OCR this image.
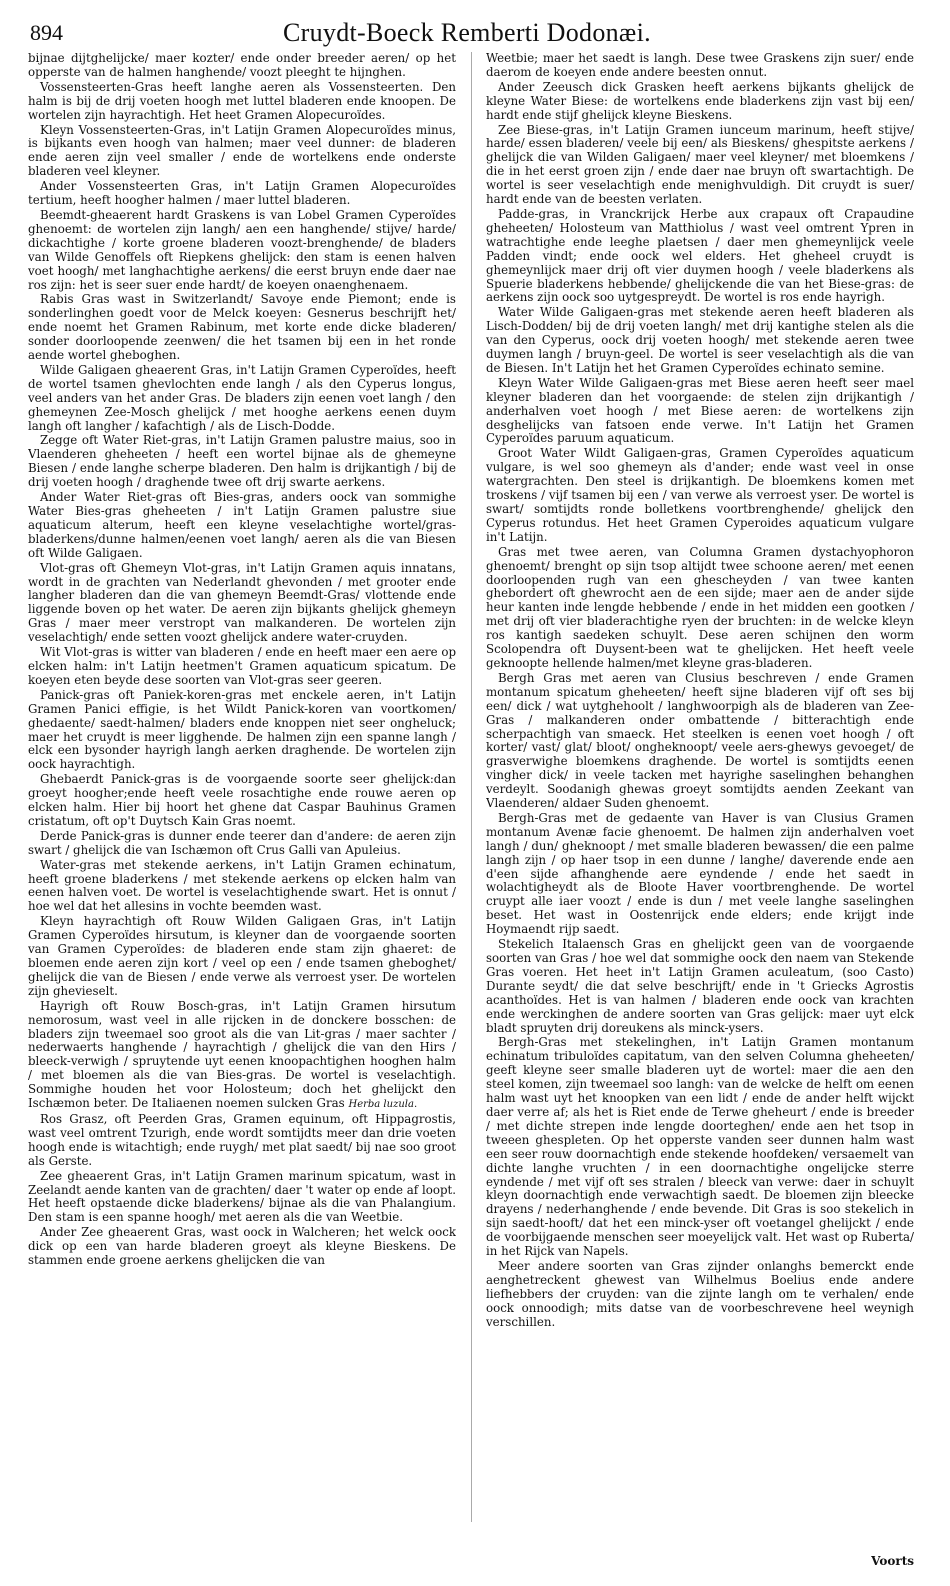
894	Cruydt-Boeck Remberti Dodonæi.

bijnae dijtghelijcke/ maer kozter/ ende onder breeder aeren/ op het opperste van de halmen hanghende/ voozt pleeght te hijnghen.

Vossensteerten-Gras heeft langhe aeren als Vossensteerten. Den halm is bij de drij voeten hoogh met luttel bladeren ende knoopen. De wortelen zijn hayrachtigh. Het heet Gramen Alopecuroïdes.

Kleyn Vossensteerten-Gras, in't Latijn Gramen Alopecuroïdes minus, is bijkants even hoogh van halmen; maer veel dunner: de bladeren ende aeren zijn veel smaller / ende de wortelkens ende onderste bladeren veel kleyner.

Ander Vossensteerten Gras, in't Latijn Gramen Alopecuroïdes tertium, heeft hoogher halmen / maer luttel bladeren.

Beemdt-gheaerent hardt Graskens is van Lobel Gramen Cyperoïdes ghenoemt: de wortelen zijn langh/ aen een hanghende/ stijve/ harde/ dickachtighe / korte groene bladeren voozt-brenghende/ de bladers van Wilde Genoffels oft Riepkens ghelijck: den stam is eenen halven voet hoogh/ met langhachtighe aerkens/ die eerst bruyn ende daer nae ros zijn: het is seer suer ende hardt/ de koeyen onaenghenaem.

Rabis Gras wast in Switzerlandt/ Savoye ende Piemont; ende is sonderlinghen goedt voor de Melck koeyen: Gesnerus beschrijft het/ ende noemt het Gramen Rabinum, met korte ende dicke bladeren/ sonder doorloopende zeenwen/ die het tsamen bij een in het ronde aende wortel gheboghen.

Wilde Galigaen gheaerent Gras, in't Latijn Gramen Cyperoïdes, heeft de wortel tsamen ghevlochten ende langh / als den Cyperus longus, veel anders van het ander Gras. De bladers zijn eenen voet langh / den ghemeynen Zee-Mosch ghelijck / met hooghe aerkens eenen duym langh oft langher / kafachtigh / als de Lisch-Dodde.

Zegge oft Water Riet-gras, in't Latijn Gramen palustre maius, soo in Vlaenderen gheheeten / heeft een wortel bijnae als de ghemeyne Biesen / ende langhe scherpe bladeren. Den halm is drijkantigh / bij de drij voeten hoogh / draghende twee oft drij swarte aerkens.

Ander Water Riet-gras oft Bies-gras, anders oock van sommighe Water Bies-gras gheheeten / in't Latijn Gramen palustre siue aquaticum alterum, heeft een kleyne veselachtighe wortel/gras-bladerkens/dunne halmen/eenen voet langh/ aeren als die van Biesen oft Wilde Galigaen.

Vlot-gras oft Ghemeyn Vlot-gras, in't Latijn Gramen aquis innatans, wordt in de grachten van Nederlandt ghevonden / met grooter ende langher bladeren dan die van ghemeyn Beemdt-Gras/ vlottende ende liggende boven op het water. De aeren zijn bijkants ghelijck ghemeyn Gras / maer meer verstropt van malkanderen. De wortelen zijn veselachtigh/ ende setten voozt ghelijck andere water-cruyden.

Wit Vlot-gras is witter van bladeren / ende en heeft maer een aere op elcken halm: in't Latijn heetmen't Gramen aquaticum spicatum. De koeyen eten beyde dese soorten van Vlot-gras seer geeren.

Panick-gras oft Paniek-koren-gras met enckele aeren, in't Latijn Gramen Panici effigie, is het Wildt Panick-koren van voortkomen/ ghedaente/ saedt-halmen/ bladers ende knoppen niet seer ongheluck; maer het cruydt is meer ligghende. De halmen zijn een spanne langh / elck een bysonder hayrigh langh aerken draghende. De wortelen zijn oock hayrachtigh.

Ghebaerdt Panick-gras is de voorgaende soorte seer ghelijck:dan groeyt hoogher;ende heeft veele rosachtighe ende rouwe aeren op elcken halm. Hier bij hoort het ghene dat Caspar Bauhinus Gramen cristatum, oft op't Duytsch Kain Gras noemt.

Derde Panick-gras is dunner ende teerer dan d'andere: de aeren zijn swart / ghelijck die van Ischæmon oft Crus Galli van Apuleius.

Water-gras met stekende aerkens, in't Latijn Gramen echinatum, heeft groene bladerkens / met stekende aerkens op elcken halm van eenen halven voet. De wortel is veselachtighende swart. Het is onnut / hoe wel dat het allesins in vochte beemden wast.

Kleyn hayrachtigh oft Rouw Wilden Galigaen Gras, in't Latijn Gramen Cyperoïdes hirsutum, is kleyner dan de voorgaende soorten van Gramen Cyperoïdes: de bladeren ende stam zijn ghaeret: de bloemen ende aeren zijn kort / veel op een / ende tsamen gheboghet/ ghelijck die van de Biesen / ende verwe als verroest yser. De wortelen zijn ghevieselt.

Hayrigh oft Rouw Bosch-gras, in't Latijn Gramen hirsutum nemorosum, wast veel in alle rijcken in de donckere bosschen: de bladers zijn tweemael soo groot als die van Lit-gras / maer sachter / nederwaerts hanghende / hayrachtigh / ghelijck die van den Hirs / bleeck-verwigh / spruytende uyt eenen knoopachtighen hooghen halm / met bloemen als die van Bies-gras. De wortel is veselachtigh. Sommighe houden het voor Holosteum; doch het ghelijckt den Ischæmon beter. De Italiaenen noemen sulcken Gras Herba luzula.

Ros Grasz, oft Peerden Gras, Gramen equinum, oft Hippagrostis, wast veel omtrent Tzurigh, ende wordt somtijdts meer dan drie voeten hoogh ende is witachtigh; ende ruygh/ met plat saedt/ bij nae soo groot als Gerste.

Zee gheaerent Gras, in't Latijn Gramen marinum spicatum, wast in Zeelandt aende kanten van de grachten/ daer 't water op ende af loopt. Het heeft opstaende dicke bladerkens/ bijnae als die van Phalangium. Den stam is een spanne hoogh/ met aeren als die van Weetbie.

Ander Zee gheaerent Gras, wast oock in Walcheren; het welck oock dick op een van harde bladeren groeyt als kleyne Bieskens. De stammen ende groene aerkens ghelijcken die van

Weetbie; maer het saedt is langh. Dese twee Graskens zijn suer/ ende daerom de koeyen ende andere beesten onnut.

Ander Zeeusch dick Grasken heeft aerkens bijkants ghelijck de kleyne Water Biese: de wortelkens ende bladerkens zijn vast bij een/ hardt ende stijf ghelijck kleyne Bieskens.

Zee Biese-gras, in't Latijn Gramen iunceum marinum, heeft stijve/ harde/ essen bladeren/ veele bij een/ als Bieskens/ ghespitste aerkens / ghelijck die van Wilden Galigaen/ maer veel kleyner/ met bloemkens / die in het eerst groen zijn / ende daer nae bruyn oft swartachtigh. De wortel is seer veselachtigh ende menighvuldigh. Dit cruydt is suer/ hardt ende van de beesten verlaten.

Padde-gras, in Vranckrijck Herbe aux crapaux oft Crapaudine gheheeten/ Holosteum van Matthiolus / wast veel omtrent Ypren in watrachtighe ende leeghe plaetsen / daer men ghemeynlijck veele Padden vindt; ende oock wel elders. Het gheheel cruydt is ghemeynlijck maer drij oft vier duymen hoogh / veele bladerkens als Spuerie bladerkens hebbende/ ghelijckende die van het Biese-gras: de aerkens zijn oock soo uytgespreydt. De wortel is ros ende hayrigh.

Water Wilde Galigaen-gras met stekende aeren heeft bladeren als Lisch-Dodden/ bij de drij voeten langh/ met drij kantighe stelen als die van den Cyperus, oock drij voeten hoogh/ met stekende aeren twee duymen langh / bruyn-geel. De wortel is seer veselachtigh als die van de Biesen. In't Latijn het het Gramen Cyperoïdes echinato semine.

Kleyn Water Wilde Galigaen-gras met Biese aeren heeft seer mael kleyner bladeren dan het voorgaende: de stelen zijn drijkantigh / anderhalven voet hoogh / met Biese aeren: de wortelkens zijn desghelijcks van fatsoen ende verwe. In't Latijn het Gramen Cyperoïdes paruum aquaticum.

Groot Water Wildt Galigaen-gras, Gramen Cyperoïdes aquaticum vulgare, is wel soo ghemeyn als d'ander; ende wast veel in onse watergrachten. Den steel is drijkantigh. De bloemkens komen met troskens / vijf tsamen bij een / van verwe als verroest yser. De wortel is swart/ somtijdts ronde bolletkens voortbrenghende/ ghelijck den Cyperus rotundus. Het heet Gramen Cyperoides aquaticum vulgare in't Latijn.

Gras met twee aeren, van Columna Gramen dystachyophoron ghenoemt/ brenght op sijn tsop altijdt twee schoone aeren/ met eenen doorloopenden rugh van een ghescheyden / van twee kanten ghebordert oft ghewrocht aen de een sijde; maer aen de ander sijde heur kanten inde lengde hebbende / ende in het midden een gootken / met drij oft vier bladerachtighe ryen der bruchten: in de welcke kleyn ros kantigh saedeken schuylt. Dese aeren schijnen den worm Scolopendra oft Duysent-been wat te ghelijcken. Het heeft veele geknoopte hellende halmen/met kleyne gras-bladeren.

Bergh Gras met aeren van Clusius beschreven / ende Gramen montanum spicatum gheheeten/ heeft sijne bladeren vijf oft ses bij een/ dick / wat uytghehoolt / langhwoorpigh als de bladeren van Zee-Gras / malkanderen onder ombattende / bitterachtigh ende scherpachtigh van smaeck. Het steelken is eenen voet hoogh / oft korter/ vast/ glat/ bloot/ ongheknoopt/ veele aers-ghewys gevoeget/ de grasverwighe bloemkens draghende. De wortel is somtijdts eenen vingher dick/ in veele tacken met hayrighe saselinghen behanghen verdeylt. Soodanigh ghewas groeyt somtijdts aenden Zeekant van Vlaenderen/ aldaer Suden ghenoemt.

Bergh-Gras met de gedaente van Haver is van Clusius Gramen montanum Avenæ facie ghenoemt. De halmen zijn anderhalven voet langh / dun/ gheknoopt / met smalle bladeren bewassen/ die een palme langh zijn / op haer tsop in een dunne / langhe/ daverende ende aen d'een sijde afhanghende aere eyndende / ende het saedt in wolachtigheydt als de Bloote Haver voortbrenghende. De wortel cruypt alle iaer voozt / ende is dun / met veele langhe saselinghen beset. Het wast in Oostenrijck ende elders; ende krijgt inde Hoymaendt rijp saedt.

Stekelich Italaensch Gras en ghelijckt geen van de voorgaende soorten van Gras / hoe wel dat sommighe oock den naem van Stekende Gras voeren. Het heet in't Latijn Gramen aculeatum, (soo Casto) Durante seydt/ die dat selve beschrijft/ ende in 't Griecks Agrostis acanthoïdes. Het is van halmen / bladeren ende oock van krachten ende werckinghen de andere soorten van Gras gelijck: maer uyt elck bladt spruyten drij doreukens als minck-ysers.

Bergh-Gras met stekelinghen, in't Latijn Gramen montanum echinatum tribuloïdes capitatum, van den selven Columna gheheeten/ geeft kleyne seer smalle bladeren uyt de wortel: maer die aen den steel komen, zijn tweemael soo langh: van de welcke de helft om eenen halm wast uyt het knoopken van een lidt / ende de ander helft wijckt daer verre af; als het is Riet ende de Terwe gheheurt / ende is breeder / met dichte strepen inde lengde doorteghen/ ende aen het tsop in tweeen ghespleten. Op het opperste vanden seer dunnen halm wast een seer rouw doornachtigh ende stekende hoofdeken/ versaemelt van dichte langhe vruchten / in een doornachtighe ongelijcke sterre eyndende / met vijf oft ses stralen / bleeck van verwe: daer in schuylt kleyn doornachtigh ende verwachtigh saedt. De bloemen zijn bleecke drayens / nederhanghende / ende bevende. Dit Gras is soo stekelich in sijn saedt-hooft/ dat het een minck-yser oft voetangel ghelijckt / ende de voorbijgaende menschen seer moeyelijck valt. Het wast op Ruberta/ in het Rijck van Napels.

Meer andere soorten van Gras zijnder onlanghs bemerckt ende aenghetreckent ghewest van Wilhelmus Boelius ende andere liefhebbers der cruyden: van die zijnte langh om te verhalen/ ende oock onnoodigh; mits datse van de voorbeschrevene heel weynigh verschillen.

Voorts
